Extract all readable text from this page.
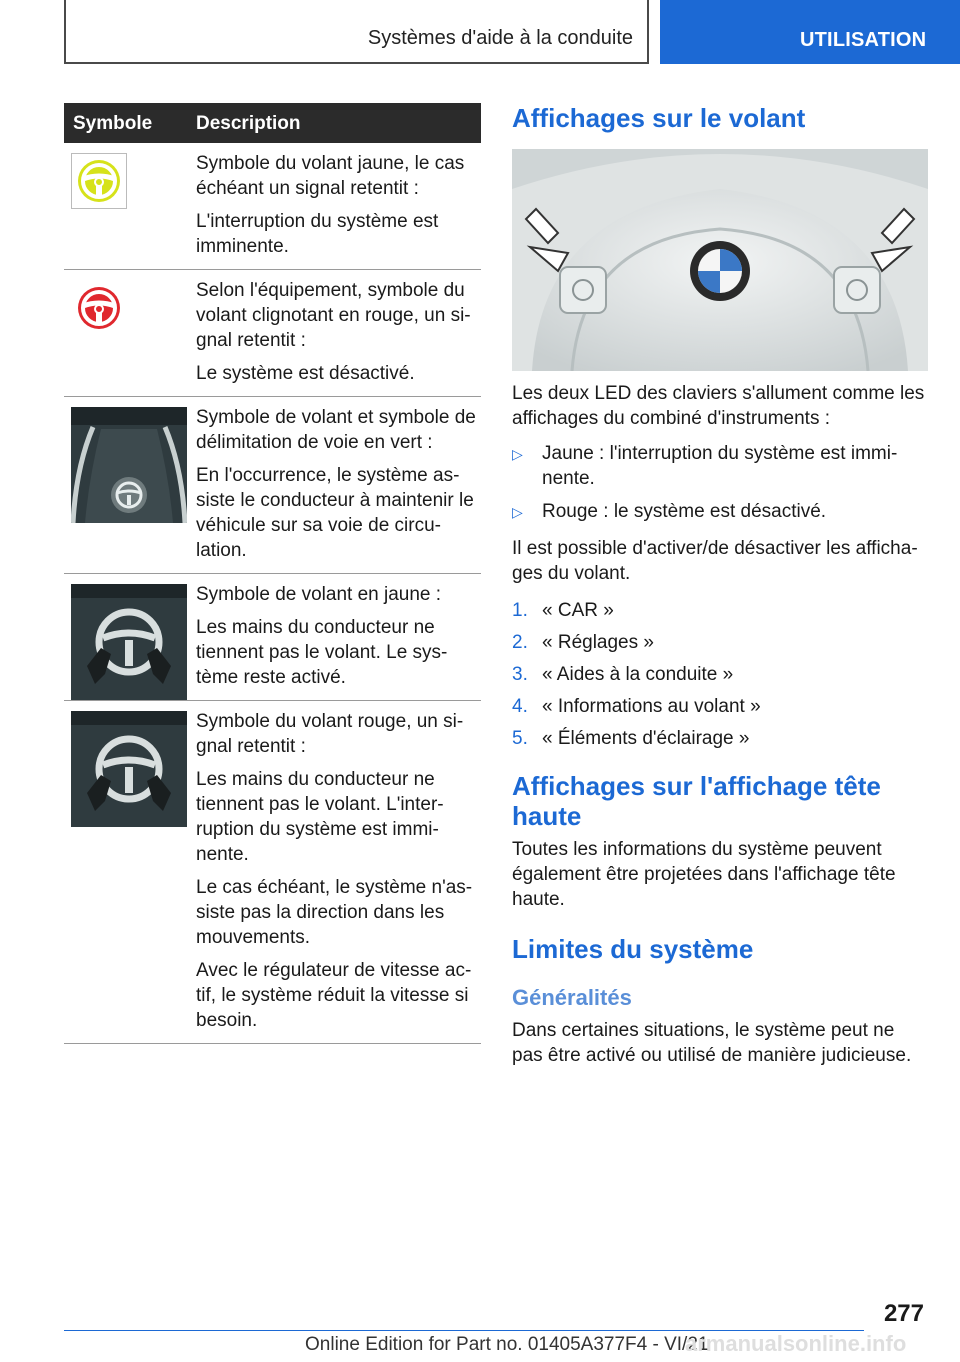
Systèmes d'aide à la conduite	UTILISATION
Symbole Description

Symbole du volant jaune, le cas échéant un signal retentit :

L'interruption du système est imminente.

Selon l'équipement, symbole du volant clignotant en rouge, un si-gnal retentit :

Le système est désactivé.

Symbole de volant et symbole de délimitation de voie en vert :

En l'occurrence, le système as-siste le conducteur à maintenir le véhicule sur sa voie de circu-lation.

Symbole de volant en jaune :

Les mains du conducteur ne tiennent pas le volant. Le sys-tème reste activé.

Symbole du volant rouge, un si-gnal retentit :

Les mains du conducteur ne tiennent pas le volant. L'inter-ruption du système est immi-nente.

Le cas échéant, le système n'as-siste pas la direction dans les mouvements.

Avec le régulateur de vitesse ac-tif, le système réduit la vitesse si besoin.

Affichages sur le volant

Les deux LED des claviers s'allument comme les affichages du combiné d'instruments :

▷ Jaune : l'interruption du système est immi-nente.
▷ Rouge : le système est désactivé.

Il est possible d'activer/de désactiver les afficha-ges du volant.

1. « CAR »
2. « Réglages »
3. « Aides à la conduite »
4. « Informations au volant »
5. « Éléments d'éclairage »
Affichages sur l'affichage tête haute

Toutes les informations du système peuvent également être projetées dans l'affichage tête haute.

Limites du système
Généralités

Dans certaines situations, le système peut ne pas être activé ou utilisé de manière judicieuse.

277
Online Edition for Part no. 01405A377F4 - VI/21
armanualsonline.info
